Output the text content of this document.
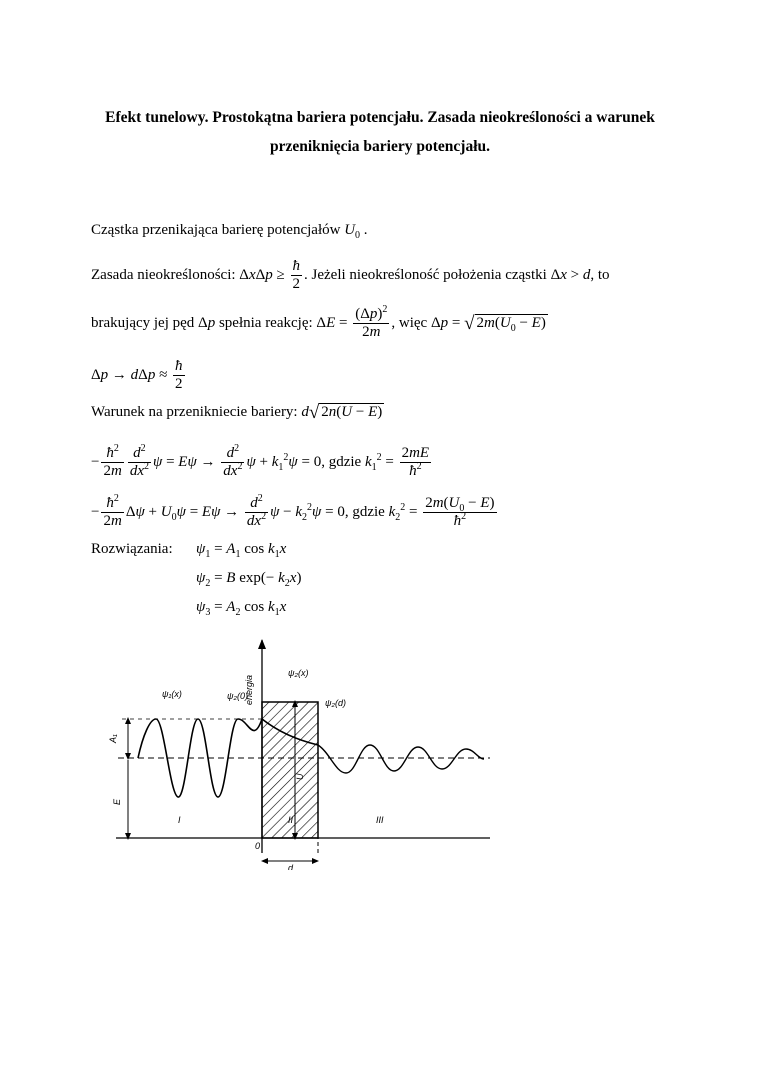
Efekt tunelowy. Prostokątna bariera potencjału. Zasada nieokreśloności a warunek
przeniknięcia bariery potencjału.
Cząstka przenikająca barierę potencjałów $U_0$ .
Zasada nieokreśloności: $\Delta x\Delta p \ge \frac{ħ}{2}$ . Jeżeli nieokreśloność położenia cząstki Δx > d, to
brakujący jej pęd Δp spełnia reakcję: $\Delta E = \frac{(\Delta p)^2}{2m}$ , więc Δp = √ $2m(U_0 - E)$
$\Delta p \to d\Delta p \approx \frac{ħ}{2}$
Warunek na przenikniecie bariery: d√ 2n(U − E)
− $\frac{ħ^2}{2m} \frac{d^2}{dx^2}$ $\psi = E\psi \to \frac{d^2}{dx^2}$ $\psi + k_1^2\psi = 0$, gdzie $k_1^2 = \frac{2mE}{ħ^2}$
− $\frac{ħ^2}{2m}$ $\Delta\psi + U_0\psi = E\psi \to \frac{d^2}{dx^2}$ $\psi - k_2^2\psi = 0$, gdzie $k_2^2 = \frac{2m(U_0 - E)}{ħ^2}$
Rozwiązania: $\psi_1 = A_1$ $\cos k_1x$
$\psi_2 = B$ $\exp(- k_2x)$
$\psi_3 = A_2$ $\cos k_1x$
energia
ψ₁(x)
ψ₂(x)
ψ₂(0)
ψ₂(d)
A₁
E
U
I	II	III
0
d
